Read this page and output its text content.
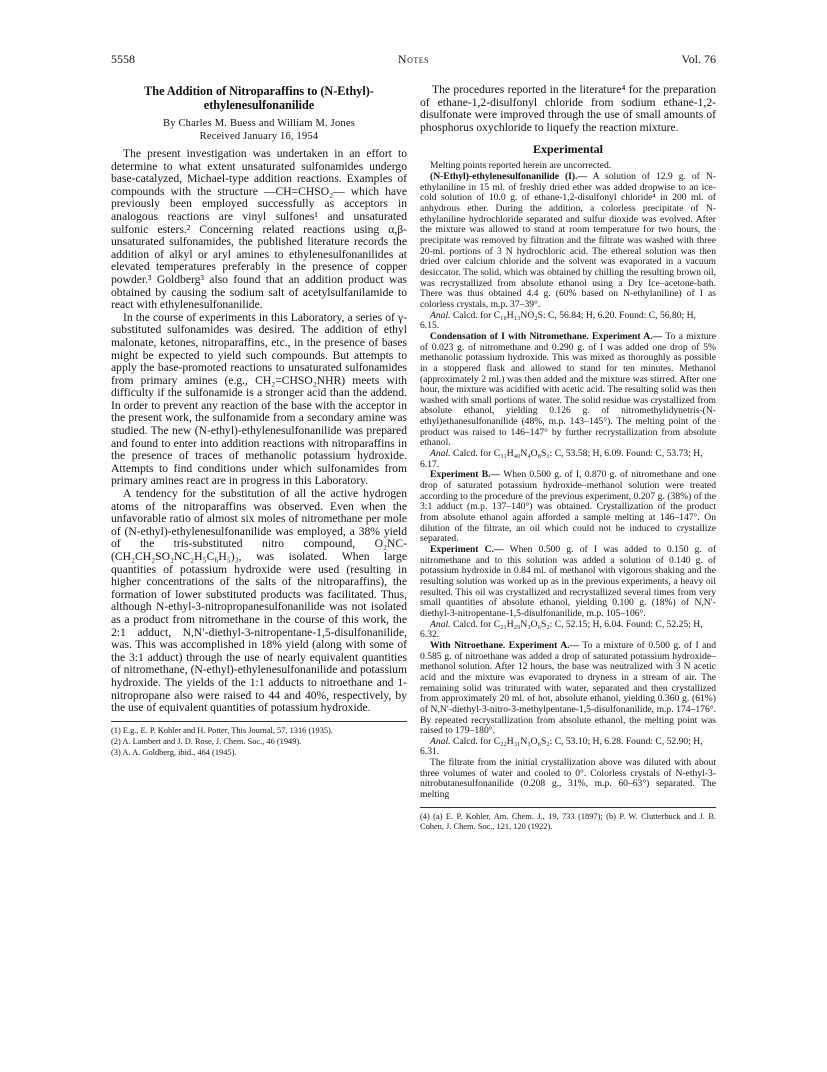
5558	Notes	Vol. 76
The Addition of Nitroparaffins to (N-Ethyl)-ethylenesulfonanilide
By Charles M. Buess and William M. Jones
Received January 16, 1954

The present investigation was undertaken in an effort to determine to what extent unsaturated sulfonamides undergo base-catalyzed, Michael-type addition reactions. Examples of compounds with the structure —CH=CHSO₂— which have previously been employed successfully as acceptors in analogous reactions are vinyl sulfones¹ and unsaturated sulfonic esters.² Concerning related reactions using α,β-unsaturated sulfonamides, the published literature records the addition of alkyl or aryl amines to ethylenesulfonanilides at elevated temperatures preferably in the presence of copper powder.³ Goldberg³ also found that an addition product was obtained by causing the sodium salt of acetylsulfanilamide to react with ethylenesulfonanilide.

In the course of experiments in this Laboratory, a series of γ-substituted sulfonamides was desired. The addition of ethyl malonate, ketones, nitroparaffins, etc., in the presence of bases might be expected to yield such compounds. But attempts to apply the base-promoted reactions to unsaturated sulfonamides from primary amines (e.g., CH₂=CHSO₂NHR) meets with difficulty if the sulfonamide is a stronger acid than the addend. In order to prevent any reaction of the base with the acceptor in the present work, the sulfonamide from a secondary amine was studied. The new (N-ethyl)-ethylenesulfonanilide was prepared and found to enter into addition reactions with nitroparaffins in the presence of traces of methanolic potassium hydroxide. Attempts to find conditions under which sulfonamides from primary amines react are in progress in this Laboratory.

A tendency for the substitution of all the active hydrogen atoms of the nitroparaffins was observed. Even when the unfavorable ratio of almost six moles of nitromethane per mole of (N-ethyl)-ethylenesulfonanilide was employed, a 38% yield of the tris-substituted nitro compound, O₂NC-(CH₂CH₂SO₂NC₂H₅C₆H₅)₃, was isolated. When large quantities of potassium hydroxide were used (resulting in higher concentrations of the salts of the nitroparaffins), the formation of lower substituted products was facilitated. Thus, although N-ethyl-3-nitropropanesulfonanilide was not isolated as a product from nitromethane in the course of this work, the 2:1 adduct, N,N′-diethyl-3-nitropentane-1,5-disulfonanilide, was. This was accomplished in 18% yield (along with some of the 3:1 adduct) through the use of nearly equivalent quantities of nitromethane, (N-ethyl)-ethylenesulfonanilide and potassium hydroxide. The yields of the 1:1 adducts to nitroethane and 1-nitropropane also were raised to 44 and 40%, respectively, by the use of equivalent quantities of potassium hydroxide.

(1) E.g., E. P. Kohler and H. Potter, This Journal, 57, 1316 (1935).
(2) A. Lambert and J. D. Rose, J. Chem. Soc., 46 (1949).
(3) A. A. Goldberg, ibid., 464 (1945).

The procedures reported in the literature⁴ for the preparation of ethane-1,2-disulfonyl chloride from sodium ethane-1,2-disulfonate were improved through the use of small amounts of phosphorus oxychloride to liquefy the reaction mixture.

Experimental

Melting points reported herein are uncorrected.

(N-Ethyl)-ethylenesulfonanilide (I).— A solution of 12.9 g. of N-ethylaniline in 15 ml. of freshly dried ether was added dropwise to an ice-cold solution of 10.0 g. of ethane-1,2-disulfonyl chloride⁴ in 200 ml. of anhydrous ether. During the addition, a colorless precipitate of N-ethylaniline hydrochloride separated and sulfur dioxide was evolved. After the mixture was allowed to stand at room temperature for two hours, the precipitate was removed by filtration and the filtrate was washed with three 20-ml. portions of 3 N hydrochloric acid. The ethereal solution was then dried over calcium chloride and the solvent was evaporated in a vacuum desiccator. The solid, which was obtained by chilling the resulting brown oil, was recrystallized from absolute ethanol using a Dry Ice–acetone-bath. There was thus obtained 4.4 g. (60% based on N-ethylaniline) of I as colorless crystals, m.p. 37–39°.

Anal. Calcd. for C₁₀H₁₃NO₂S: C, 56.84; H, 6.20. Found: C, 56.80; H, 6.15.

Condensation of I with Nitromethane. Experiment A.— To a mixture of 0.023 g. of nitromethane and 0.290 g. of I was added one drop of 5% methanolic potassium hydroxide. This was mixed as thoroughly as possible in a stoppered flask and allowed to stand for ten minutes. Methanol (approximately 2 ml.) was then added and the mixture was stirred. After one hour, the mixture was acidified with acetic acid. The resulting solid was then washed with small portions of water. The solid residue was crystallized from absolute ethanol, yielding 0.126 g. of nitromethylidynetris-(N-ethyl)ethanesulfonanilide (48%, m.p. 143–145°). The melting point of the product was raised to 146–147° by further recrystallization from absolute ethanol.

Anal. Calcd. for C₃₁H₄₀N₄O₈S₃: C, 53.58; H, 6.09. Found: C, 53.73; H, 6.17.

Experiment B.— When 0.500 g. of I, 0.870 g. of nitromethane and one drop of saturated potassium hydroxide–methanol solution were treated according to the procedure of the previous experiment, 0.207 g. (38%) of the 3:1 adduct (m.p. 137–140°) was obtained. Crystallization of the product from absolute ethanol again afforded a sample melting at 146–147°. On dilution of the filtrate, an oil which could not be induced to crystallize separated.

Experiment C.— When 0.500 g. of I was added to 0.150 g. of nitromethane and to this solution was added a solution of 0.140 g. of potassium hydroxide in 0.84 ml. of methanol with vigorous shaking and the resulting solution was worked up as in the previous experiments, a heavy oil resulted. This oil was crystallized and recrystallized several times from very small quantities of absolute ethanol, yielding 0.100 g. (18%) of N,N′-diethyl-3-nitropentane-1,5-disulfonanilide, m.p. 105–106°.

Anal. Calcd. for C₂₁H₂₉N₃O₆S₂: C, 52.15; H, 6.04. Found: C, 52.25; H, 6.32.

With Nitroethane. Experiment A.— To a mixture of 0.500 g. of I and 0.585 g. of nitroethane was added a drop of saturated potassium hydroxide–methanol solution. After 12 hours, the base was neutralized with 3 N acetic acid and the mixture was evaporated to dryness in a stream of air. The remaining solid was triturated with water, separated and then crystallized from approximately 20 ml. of hot, absolute ethanol, yielding 0.360 g. (61%) of N,N′-diethyl-3-nitro-3-methylpentane-1,5-disulfonanilide, m.p. 174–176°. By repeated recrystallization from absolute ethanol, the melting point was raised to 179–180°.

Anal. Calcd. for C₂₂H₃₁N₃O₆S₂: C, 53.10; H, 6.28. Found: C, 52.90; H, 6.31.

The filtrate from the initial crystallization above was diluted with about three volumes of water and cooled to 0°. Colorless crystals of N-ethyl-3-nitrobutanesulfonanilide (0.208 g., 31%, m.p. 60–63°) separated. The melting

(4) (a) E. P. Kohler, Am. Chem. J., 19, 733 (1897); (b) P. W. Clutterbuck and J. B. Cohen, J. Chem. Soc., 121, 120 (1922).
